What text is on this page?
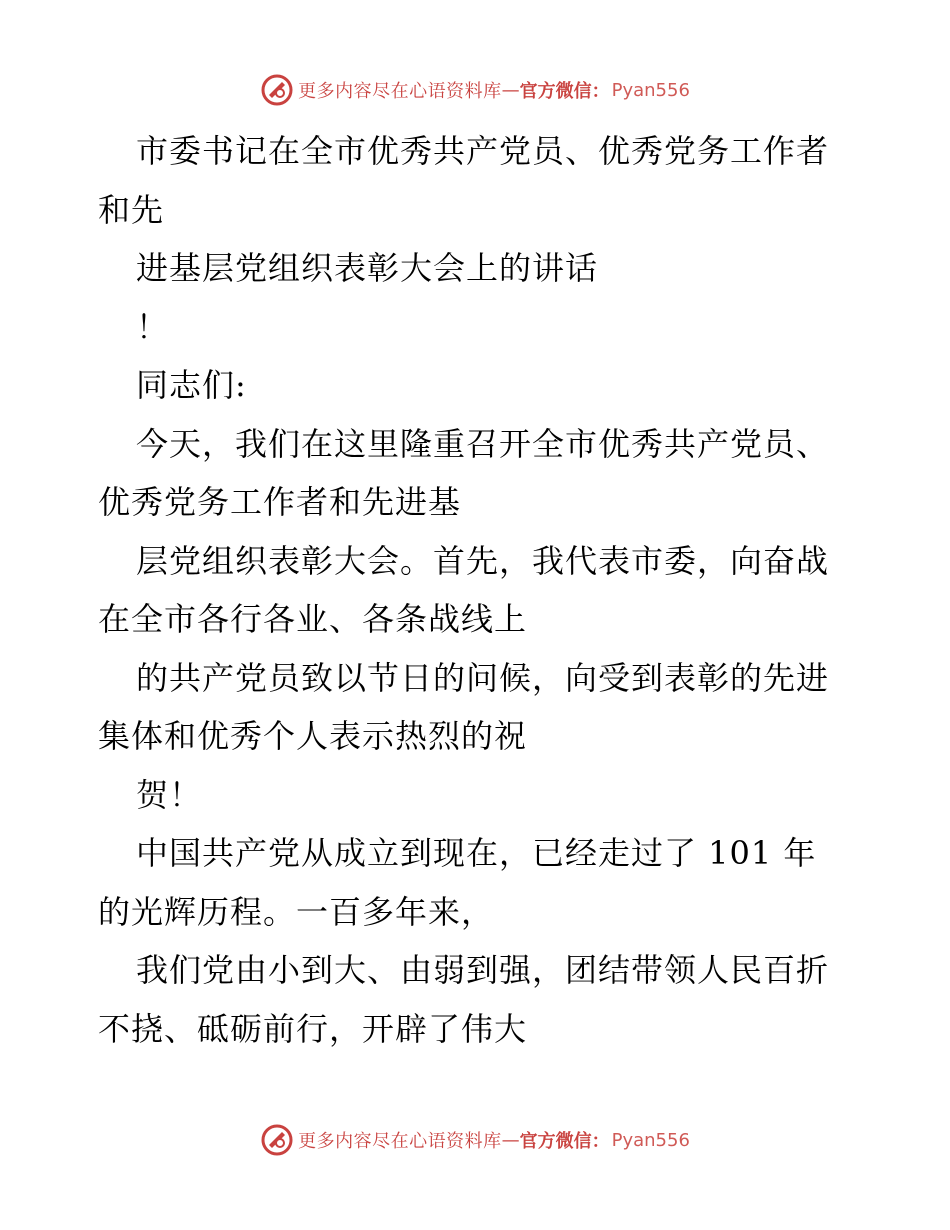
更多内容尽在心语资料库 — 官方微信： Pyan556
市委书记在全市优秀共产党员、优秀党务工作者
和先
进基层党组织表彰大会上的讲话
！
同志们:
今天，我们在这里隆重召开全市优秀共产党员、
优秀党务工作者和先进基
层党组织表彰大会。首先，我代表市委，向奋战
在全市各行各业、各条战线上
的共产党员致以节日的问候，向受到表彰的先进
集体和优秀个人表示热烈的祝
贺！
中国共产党从成立到现在，已经走过了 101 年
的光辉历程。一百多年来，
我们党由小到大、由弱到强，团结带领人民百折
不挠、砥砺前行，开辟了伟大
更多内容尽在心语资料库 — 官方微信： Pyan556
